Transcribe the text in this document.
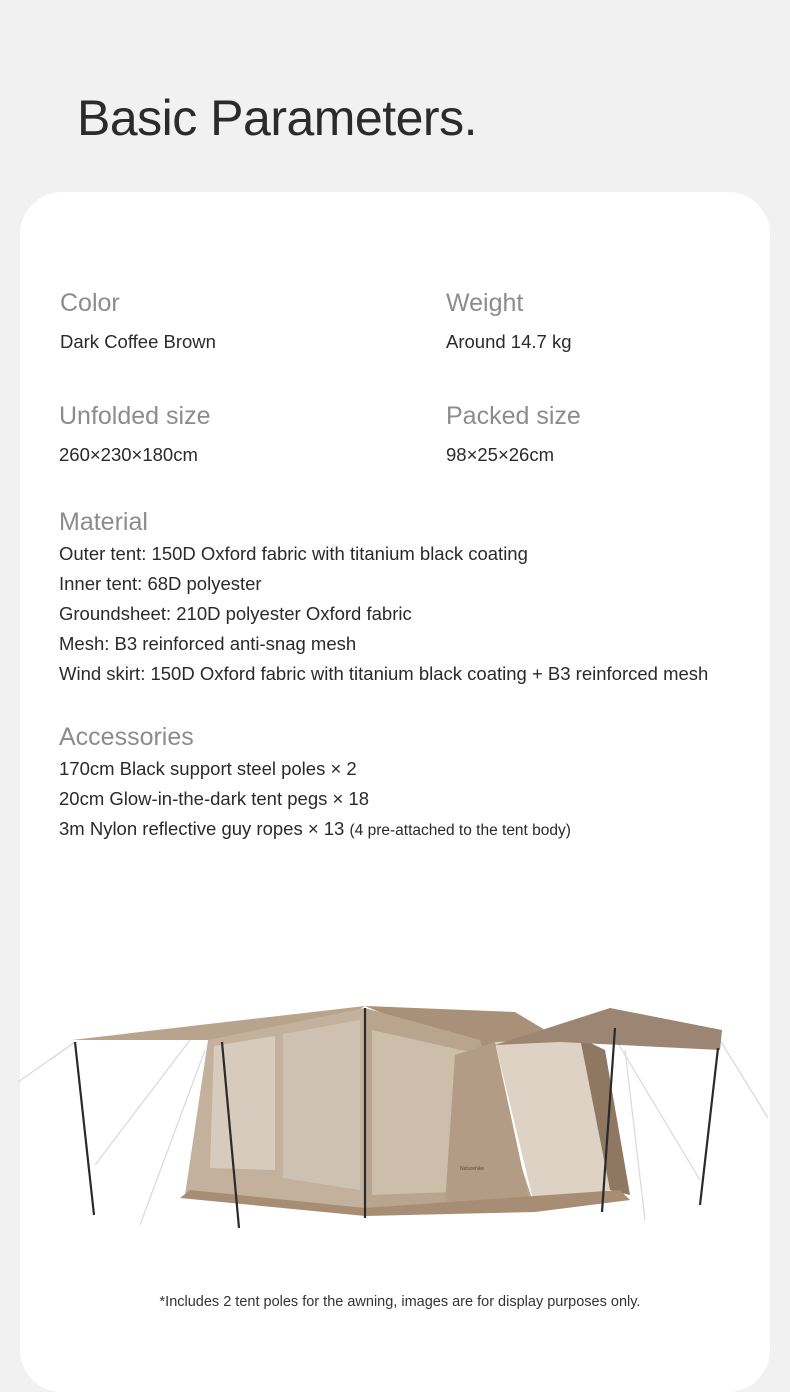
Basic Parameters.
Color
Dark Coffee Brown
Weight
Around 14.7 kg
Unfolded size
260×230×180cm
Packed size
98×25×26cm
Material
Outer tent: 150D Oxford fabric with titanium black coating
Inner tent: 68D polyester
Groundsheet: 210D polyester Oxford fabric
Mesh: B3 reinforced anti-snag mesh
Wind skirt: 150D Oxford fabric with titanium black coating + B3 reinforced mesh
Accessories
170cm Black support steel poles × 2
20cm Glow-in-the-dark tent pegs × 18
3m Nylon reflective guy ropes × 13 (4 pre-attached to the tent body)
Naturehike
*Includes 2 tent poles for the awning, images are for display purposes only.
